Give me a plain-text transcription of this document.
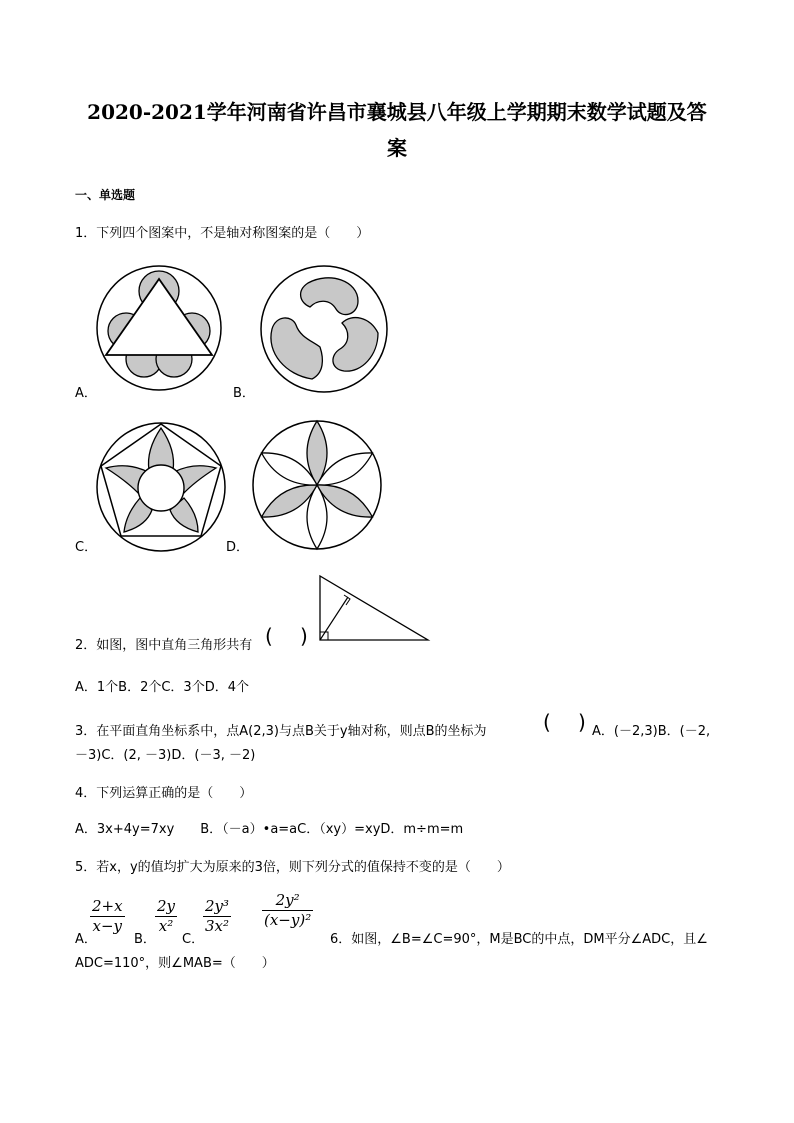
2020-2021学年河南省许昌市襄城县八年级上学期期末数学试题及答
案
一、单选题
1．下列四个图案中，不是轴对称图案的是（　　）
A．	B．
C．	D．
2．如图，图中直角三角形共有 ( )
A．1个B．2个C．3个D．4个
3．在平面直角坐标系中，点A(2,3)与点B关于y轴对称，则点B的坐标为	( ) A．(－2,3)B．(－2,
－3)C．(2, －3)D．(－3, －2)
4．下列运算正确的是（　　）
A．3x+4y=7xy　　B．（－a）•a=aC．（xy）=xyD．m÷m=m
5．若x，y的值均扩大为原来的3倍，则下列分式的值保持不变的是（　　）
$\frac{2+x}{x-y}$
A．
$\frac{2y}{\text{x²}}$
B．
$\frac{\text{2y³}}{\text{3x²}}$
C．
$\frac{\text{2y²}}{\text{(x−y)²}}$
6．如图，∠B=∠C=90°，M是BC的中点，DM平分∠ADC，且∠
ADC=110°，则∠MAB=（　　）
